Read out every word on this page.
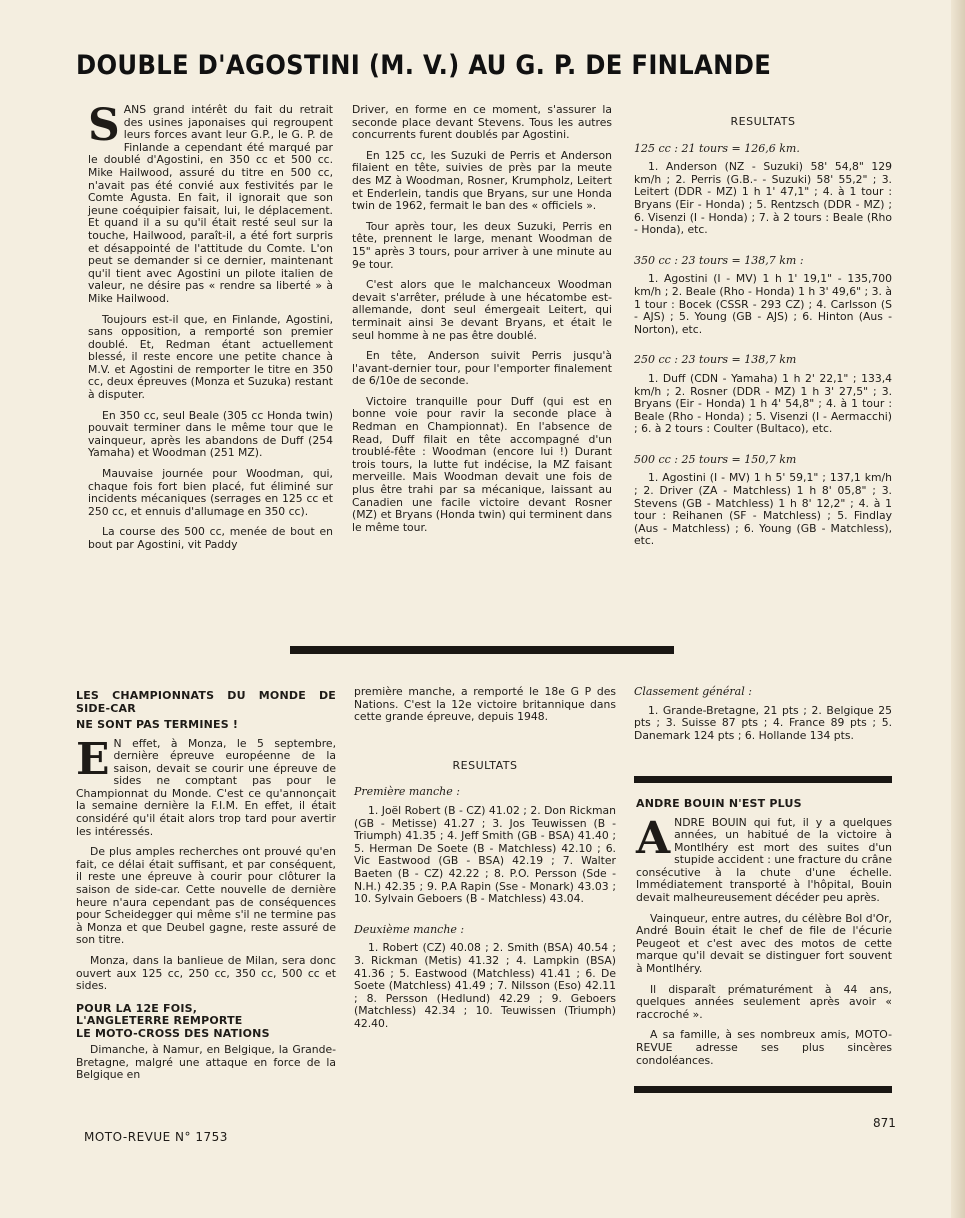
DOUBLE D'AGOSTINI (M. V.) AU G. P. DE FINLANDE

SANS grand intérêt du fait du retrait des usines japonaises qui regroupent leurs forces avant leur G.P., le G. P. de Finlande a cependant été marqué par le doublé d'Agostini, en 350 cc et 500 cc. Mike Hailwood, assuré du titre en 500 cc, n'avait pas été convié aux festivités par le Comte Agusta. En fait, il ignorait que son jeune coéquipier faisait, lui, le déplacement. Et quand il a su qu'il était resté seul sur la touche, Hailwood, paraît-il, a été fort surpris et désappointé de l'attitude du Comte. L'on peut se demander si ce dernier, maintenant qu'il tient avec Agostini un pilote italien de valeur, ne désire pas « rendre sa liberté » à Mike Hailwood.

Toujours est-il que, en Finlande, Agostini, sans opposition, a remporté son premier doublé. Et, Redman étant actuellement blessé, il reste encore une petite chance à M.V. et Agostini de remporter le titre en 350 cc, deux épreuves (Monza et Suzuka) restant à disputer.

En 350 cc, seul Beale (305 cc Honda twin) pouvait terminer dans le même tour que le vainqueur, après les abandons de Duff (254 Yamaha) et Woodman (251 MZ).

Mauvaise journée pour Woodman, qui, chaque fois fort bien placé, fut éliminé sur incidents mécaniques (serrages en 125 cc et 250 cc, et ennuis d'allumage en 350 cc).

La course des 500 cc, menée de bout en bout par Agostini, vit Paddy

Driver, en forme en ce moment, s'assurer la seconde place devant Stevens. Tous les autres concurrents furent doublés par Agostini.

En 125 cc, les Suzuki de Perris et Anderson filaient en tête, suivies de près par la meute des MZ à Woodman, Rosner, Krumpholz, Leitert et Enderlein, tandis que Bryans, sur une Honda twin de 1962, fermait le ban des « officiels ».

Tour après tour, les deux Suzuki, Perris en tête, prennent le large, menant Woodman de 15" après 3 tours, pour arriver à une minute au 9e tour.

C'est alors que le malchanceux Woodman devait s'arrêter, prélude à une hécatombe est-allemande, dont seul émergeait Leitert, qui terminait ainsi 3e devant Bryans, et était le seul homme à ne pas être doublé.

En tête, Anderson suivit Perris jusqu'à l'avant-dernier tour, pour l'emporter finalement de 6/10e de seconde.

Victoire tranquille pour Duff (qui est en bonne voie pour ravir la seconde place à Redman en Championnat). En l'absence de Read, Duff filait en tête accompagné d'un troublé-fête : Woodman (encore lui !) Durant trois tours, la lutte fut indécise, la MZ faisant merveille. Mais Woodman devait une fois de plus être trahi par sa mécanique, laissant au Canadien une facile victoire devant Rosner (MZ) et Bryans (Honda twin) qui terminent dans le même tour.

RESULTATS
125 cc : 21 tours = 126,6 km.
1. Anderson (NZ - Suzuki) 58' 54,8" 129 km/h ; 2. Perris (G.B.- - Suzuki) 58' 55,2" ; 3. Leitert (DDR - MZ) 1 h 1' 47,1" ; 4. à 1 tour : Bryans (Eir - Honda) ; 5. Rentzsch (DDR - MZ) ; 6. Visenzi (I - Honda) ; 7. à 2 tours : Beale (Rho - Honda), etc.
350 cc : 23 tours = 138,7 km :
1. Agostini (I - MV) 1 h 1' 19,1" - 135,700 km/h ; 2. Beale (Rho - Honda) 1 h 3' 49,6" ; 3. à 1 tour : Bocek (CSSR - 293 CZ) ; 4. Carlsson (S - AJS) ; 5. Young (GB - AJS) ; 6. Hinton (Aus - Norton), etc.
250 cc : 23 tours = 138,7 km
1. Duff (CDN - Yamaha) 1 h 2' 22,1" ; 133,4 km/h ; 2. Rosner (DDR - MZ) 1 h 3' 27,5" ; 3. Bryans (Eir - Honda) 1 h 4' 54,8" ; 4. à 1 tour : Beale (Rho - Honda) ; 5. Visenzi (I - Aermacchi) ; 6. à 2 tours : Coulter (Bultaco), etc.
500 cc : 25 tours = 150,7 km
1. Agostini (I - MV) 1 h 5' 59,1" ; 137,1 km/h ; 2. Driver (ZA - Matchless) 1 h 8' 05,8" ; 3. Stevens (GB - Matchless) 1 h 8' 12,2" ; 4. à 1 tour : Reihanen (SF - Matchless) ; 5. Findlay (Aus - Matchless) ; 6. Young (GB - Matchless), etc.
LES CHAMPIONNATS DU MONDE DE SIDE-CAR
NE SONT PAS TERMINES !

E N effet, à Monza, le 5 septembre, dernière épreuve européenne de la saison, devait se courir une épreuve de sides ne comptant pas pour le Championnat du Monde. C'est ce qu'annonçait la semaine dernière la F.I.M. En effet, il était considéré qu'il était alors trop tard pour avertir les intéressés.

De plus amples recherches ont prouvé qu'en fait, ce délai était suffisant, et par conséquent, il reste une épreuve à courir pour clôturer la saison de side-car. Cette nouvelle de dernière heure n'aura cependant pas de conséquences pour Scheidegger qui même s'il ne termine pas à Monza et que Deubel gagne, reste assuré de son titre.

Monza, dans la banlieue de Milan, sera donc ouvert aux 125 cc, 250 cc, 350 cc, 500 cc et sides.

POUR LA 12E FOIS,
L'ANGLETERRE REMPORTE
LE MOTO-CROSS DES NATIONS

Dimanche, à Namur, en Belgique, la Grande-Bretagne, malgré une attaque en force de la Belgique en

première manche, a remporté le 18e G P des Nations. C'est la 12e victoire britannique dans cette grande épreuve, depuis 1948.

RESULTATS
Première manche :
1. Joël Robert (B - CZ) 41.02 ; 2. Don Rickman (GB - Metisse) 41.27 ; 3. Jos Teuwissen (B - Triumph) 41.35 ; 4. Jeff Smith (GB - BSA) 41.40 ; 5. Herman De Soete (B - Matchless) 42.10 ; 6. Vic Eastwood (GB - BSA) 42.19 ; 7. Walter Baeten (B - CZ) 42.22 ; 8. P.O. Persson (Sde - N.H.) 42.35 ; 9. P.A Rapin (Sse - Monark) 43.03 ; 10. Sylvain Geboers (B - Matchless) 43.04.
Deuxième manche :
1. Robert (CZ) 40.08 ; 2. Smith (BSA) 40.54 ; 3. Rickman (Metis) 41.32 ; 4. Lampkin (BSA) 41.36 ; 5. Eastwood (Matchless) 41.41 ; 6. De Soete (Matchless) 41.49 ; 7. Nilsson (Eso) 42.11 ; 8. Persson (Hedlund) 42.29 ; 9. Geboers (Matchless) 42.34 ; 10. Teuwissen (Triumph) 42.40.
Classement général :
1. Grande-Bretagne, 21 pts ; 2. Belgique 25 pts ; 3. Suisse 87 pts ; 4. France 89 pts ; 5. Danemark 124 pts ; 6. Hollande 134 pts.
ANDRE BOUIN N'EST PLUS

ANDRE BOUIN qui fut, il y a quelques années, un habitué de la victoire à Montlhéry est mort des suites d'un stupide accident : une fracture du crâne consécutive à la chute d'une échelle. Immédiatement transporté à l'hôpital, Bouin devait malheureusement décéder peu après.

Vainqueur, entre autres, du célèbre Bol d'Or, André Bouin était le chef de file de l'écurie Peugeot et c'est avec des motos de cette marque qu'il devait se distinguer fort souvent à Montlhéry.

Il disparaît prématurément à 44 ans, quelques années seulement après avoir « raccroché ».

A sa famille, à ses nombreux amis, MOTO-REVUE adresse ses plus sincères condoléances.

MOTO-REVUE N° 1753
871
